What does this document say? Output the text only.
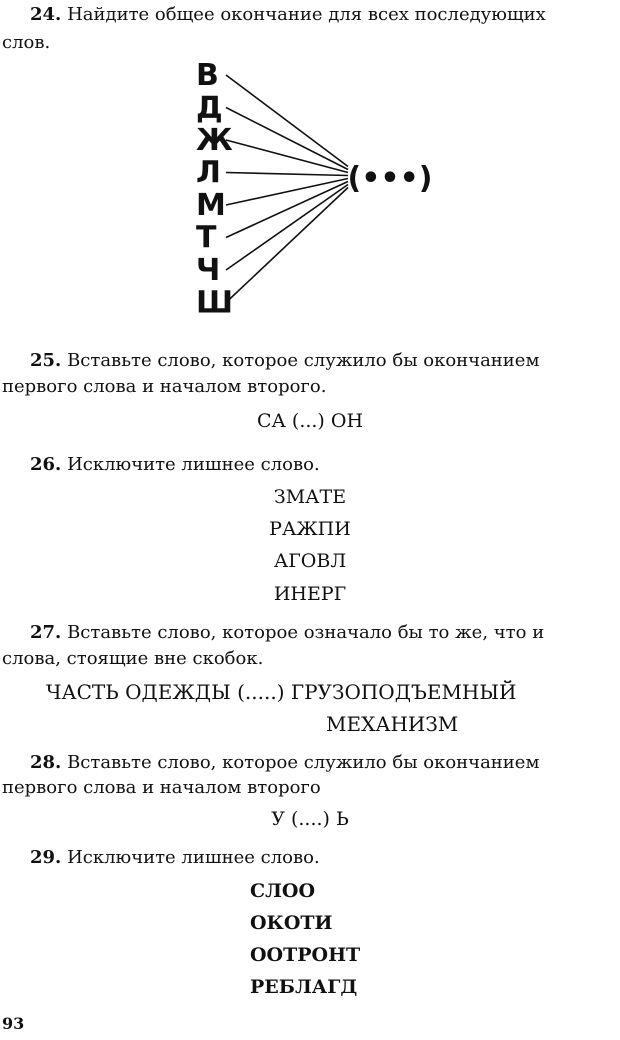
24. Найдите общее окончание для всех последующих
слов.
В
Д
Ж
Л
М
Т
Ч
Ш
(•••)
25. Вставьте слово, которое служило бы окончанием
первого слова и началом второго.
СА (...) ОН
26. Исключите лишнее слово.
ЗМАТЕ
РАЖПИ
АГОВЛ
ИНЕРГ
27. Вставьте слово, которое означало бы то же, что и
слова, стоящие вне скобок.
ЧАСТЬ ОДЕЖДЫ (.....) ГРУЗОПОДЪЕМНЫЙ
МЕХАНИЗМ
28. Вставьте слово, которое служило бы окончанием
первого слова и началом второго
У (....) Ь
29. Исключите лишнее слово.
СЛОО
ОКОТИ
ООТРОНТ
РЕБЛАГД
93
